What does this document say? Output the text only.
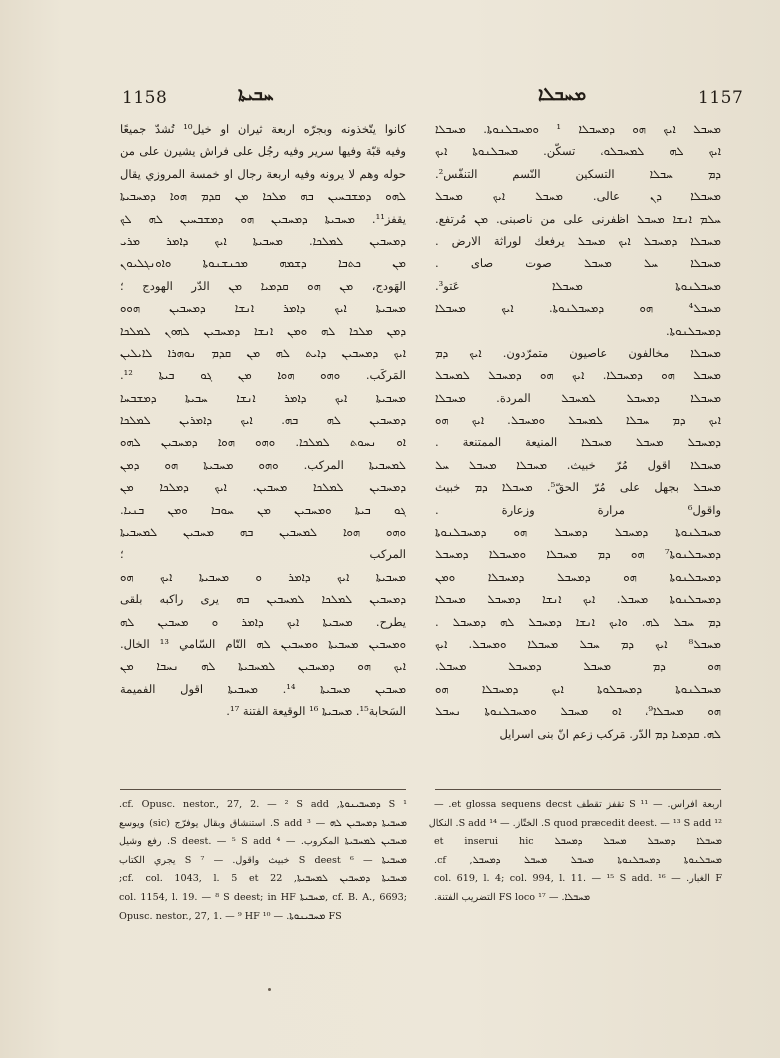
1158	ܚܒܝܬܐ	ܡܚܒܠܐ	1157
كانوا يتّخذونه وبجرّه اربعة ثيران او خيل¹⁰ تُشدّ جميعًا
وفيه قبّة وفيها سرير وفيه رجُل على فراش يشيرن على من
حوله وهم لا يرونه وفيه اربعة رجال او خمسة المروزي يقال
ܠܗܘ ܕܡܫܒܚܝܢ ܒܗ ܡܠܟܐ ܡܢ ܩܕܡ ܗܘܐ ܕܡܚܒܝܬܐ
يقفز¹¹. ܡܚܒܝܬܐ ܕܡܚܒܝܢ ܗܘ ܕܡܫܒܚܝܢ ܠܗ ܠܟ
ܕܡܚܒܝܢ ܠܡܠܟܐ. ܡܚܒܝܬܐ ܐܝܟ ܕܐܡܪ ܡܪܝ
ܡܢ ܟܬܒܐ ܕܫܡܗ ܡܟܢܫܢܘܬܐ ܘܐܘܢܓܠܝܘܢ
الهَودج، ܡܢ ܗܘ ܩܕܡܝܐ ܡܢ الدّر الهودج ؛
ܡܚܒܝܬܐ ܐܝܟ ܕܐܡܪ ܐܢܫܐ ܕܡܚܒܝܢ ܗܘܘ
ܕܡܢ ܡܠܟܐ ܠܗ ܘܡܢ ܐܢܫܐ ܕܡܚܒܝܢ ܠܗܘܢ ܠܡܠܟܐ
ܐܝܟ ܕܡܚܒܝܢ ܕܐܝܬ ܠܗ ܡܢ ܩܕܡ ܢܘܗܪܐ ܠܐܝܠܝܢ
المَركَب. ܘܗܘ ܗܘܐ ܡܢ ܓܘ ܒܝܬܐ ¹².
ܡܚܒܝܬܐ ܐܝܟ ܕܐܡܪ ܐܢܫܐ ܚܒܝܬܐ ܕܡܫܒܚܐ
ܕܡܚܒܝܢ ܠܗ ܒܗ. ܐܝܟ ܕܐܡܪܝܢ ܠܡܠܟܐ
ܐܘ ܢܚܘܬ ܠܡܠܟܐ. ܘܗܘ ܗܘܐ ܕܡܚܒܝܢ ܠܗܘ
ܠܡܚܒܝܬܐ المركب. ܘܗܘ ܡܚܒܝܬܐ ܗܘ ܕܡܢ
ܕܡܚܒܝܢ ܠܡܠܟܐ ܡܚܒܝܢ. ܐܝܟ ܕܡܠܟܐ ܡܢ
ܓܘ ܒܝܬܐ ܘܡܚܒܝܢ ܡܢ ܚܘܒܐ ܘܡܢ ܒܢܝܐ.
ܘܗܘ ܗܘܐ ܠܡܚܒܝܢ ܒܗ ܡܚܒܝܢ ܠܡܚܒܝܬܐ
المركب ؛
ܡܚܒܝܬܐ ܐܝܟ ܕܐܡܪ ܘ ܡܚܒܝܬܐ ܐܝܟ ܗܘ
ܕܡܚܒܝܢ ܠܡܠܟܐ ܠܡܚܒܝܢ ܒܗ يرى راكبه بلقى
يطرح. ܡܚܒܝܬܐ ܐܝܟ ܕܐܡܪ ܘ ܡܚܒܝܢ ܠܗ
ܘܡܚܒܝܢ ܡܚܒܝܬܐ ܘܡܚܒܝܢ ܠܗ التّام السّامي ¹³ الخال.
ܐܝܟ ܗܘ ܕܡܚܒܝܢ ܠܡܚܒܝܬܐ ܠܗ ܢܚܒܐ ܡܢ
ܡܚܒܝܢ ܡܚܒܝܬܐ ¹⁴. ܡܚܒܝܬܐ اقول الفميمة
السَحابة¹⁵. ܡܚܒܝܬܐ ¹⁶ الوقيعة الفتنة ¹⁷.
ܡܚܒܠ ܐܝܟ ܗܘ ܕܡܚܒܠܐ ¹ ܘܡܚܒܠܢܘܬܐ. ܡܚܒܠܐ
ܐܝܟ ܠܗ ܠܡܚܒܠܘ، تسكّن. ܡܚܒܠܢܘܬܐ ܐܝܟ
ܕܡ ܚܒܠܐ التسكين النّسم التنفّس².
ܡܚܒܠܐ ܕܢ عالى. ܡܚܒܠ ܐܝܟ ܡܚܒܠ
ܚܠܡ ܐܢܫܐ ܡܚܒܠ اظفرنى على من ناصبنى. ܡܢ مُرتفع.
ܡܚܒܠܐ ܕܡܚܒܠ ܐܝܟ ܡܚܒܠ يرفعك لوراثة الارض .
ܡܚܒܠܐ ܚܠ ܡܚܒܠ صوت صاى .
ܡܚܒܠܢܘܬܐ ܡܚܒܠܐ عَتو³.
ܡܚܒܠ⁴ ܗܘ ܕܡܚܒܠܢܘܬܐ. ܐܝܟ ܡܚܒܠܐ
ܕܡܚܒܠܢܘܬܐ.
ܡܚܒܠܐ مخالفون عاصيون متمرّدون. ܐܝܟ ܕܡ
ܡܚܒܠ ܗܘ ܕܡܚܒܠܐ. ܐܝܟ ܗܘ ܕܡܚܒܠ ܠܡܚܒܠ
ܡܚܒܠܐ ܕܡܚܒܠ ܠܡܚܒܠ المردة. ܡܚܒܠܐ
ܐܝܟ ܕܡ ܚܒܠܐ ܠܡܚܒܠ ܘܡܚܒܠ. ܐܝܟ ܗܘ
ܕܡܚܒܠ ܡܚܒܠ ܡܚܒܠܐ المنيعة الممتنعة .
ܡܚܒܠܐ اقول مُرّ خبيث. ܡܚܒܠܐ ܡܚܒܠ ܚܠ
ܡܚܒܠ بجهل على مُرّ الحقّ⁵. ܡܚܒܠܐ ܕܡ خبيث
واقول⁶ مرارة وزعارة .
ܡܚܒܠܢܘܬܐ ܕܡܚܒܠ ܕܡܚܒܠ ܗܘ ܕܡܚܒܠܢܘܬܐ
ܕܡܚܒܠܢܘܬܐ⁷ ܗܘ ܕܡ ܡܚܒܠܐ ܘܡܚܒܠܐ ܕܡܚܒܠ
ܕܡܚܒܠܢܘܬܐ ܗܘ ܕܡܚܒܠ ܕܡܚܒܠܐ ܘܡܢ
ܕܡܚܒܠܢܘܬܐ ܡܚܒܠ. ܐܝܟ ܐܢܫܐ ܕܡܚܒܠ ܡܚܒܠܐ
ܕܡ ܚܒܠ ܠܗ. ܘܐܝܟ ܐܢܫܐ ܕܡܚܒܠ ܠܗ ܕܡܚܒܠ .
ܡܚܒܠ⁸ ܐܝܟ ܕܡ ܚܒܠ ܡܚܒܠܐ ܘܡܚܒܠ. ܐܝܟ
ܗܘ ܕܡ ܡܚܒܠ ܕܡܚܒܠ ܡܚܒܠ.
ܡܚܒܠܢܘܬܐ ܕܡܚܒܠܘܬܐ ܐܝܟ ܕܡܚܒܠܐ ܗܘ
ܗܘ ܡܚܒܠܐ⁹، ܐܘ ܡܚܒܠ ܘܡܚܒܠܢܘܬܐ ܢܚܒܠ
ܠܗ. ܩܕܡܝܐ ܕܡ الدّر. مَركب زعم انّ بنى اسرايل
¹ S ܕܡܚܒܝܢܘܬܐ, cf. Opusc. nestor., 27, 2. — ² S add.
ܡܚܒܝܬܐ ܕܡܚܒܝܢ ܠܗ — ³ S add. استنشاق وبقال يوفرّج (sic) ويوسع
ܡܚܒܝܢ ܠܡܚܒܝܬܐ المكروب. — ⁴ S deest. — ⁵ S add. رفع وشيل
ܡܚܒܝܬܐ — ⁶ S deest خبيث واقول. — ⁷ S يجري الكتاب
ܡܚܒܝܬܐ ܕܡܚܒܝܢ ܠܡܚܒܝܬܐ, cf. col. 1043, l. 5 et 22;
col. 1154, l. 19. — ⁸ S deest; in HF ܡܚܒܝܬܐ, cf. B. A., 6693;
Opusc. nestor., 27, 1. — ⁹ HF ܡܚܒܝܢܘܬܐ. — ¹⁰ FS
اربعة افراس. — ¹¹ S تقفز تقطف et glossa sequens decst. —
¹² S quod præcedit deest. — ¹³ S add. الختّاز. — ¹⁴ S add. النكال
ܡܚܒܠܐ ܕܡܚܒܠ ܡܚܒܠ ܕܡܚܒܠ et inserui hic
ܡܚܒܠܢܘܬܐ ܕܡܚܒܠܢܘܬܐ ܡܚܒܠ ܡܚܒܠ ܕܡܚܒܠ, cf.
col. 619, l. 4; col. 994, l. 11. — ¹⁵ S add. الغبار. — ¹⁶ F
ܡܚܒܠܐ. — ¹⁷ FS loco التضريب الفتنة.
